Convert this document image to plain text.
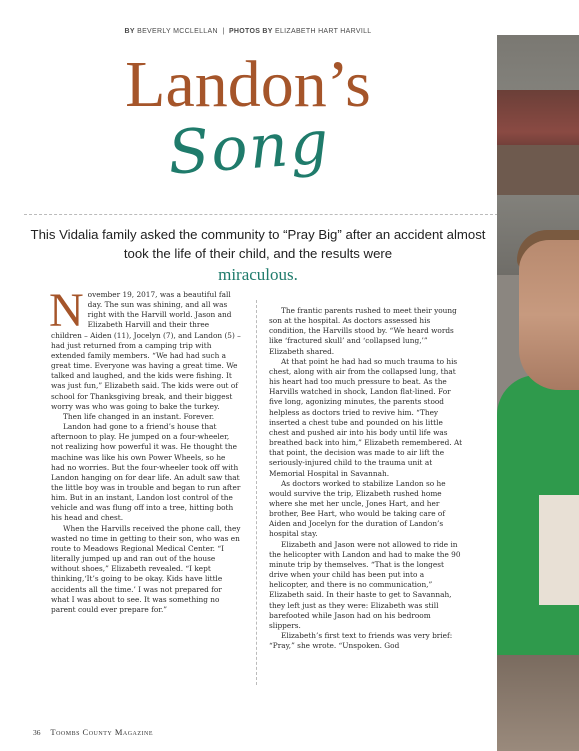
BY BEVERLY MCCLELLAN | PHOTOS BY ELIZABETH HART HARVILL
Landon’s
Song
This Vidalia family asked the community to “Pray Big” after an accident almost took the life of their child, and the results were
miraculous.
N ovember 19, 2017, was a beautiful fall day. The sun was shining, and all was right with the Harvill world. Jason and Elizabeth Harvill and their three children – Aiden (11), Jocelyn (7), and Landon (5) – had just returned from a camping trip with extended family members. “We had had such a great time. Everyone was having a great time. We talked and laughed, and the kids were fishing. It was just fun,” Elizabeth said. The kids were out of school for Thanksgiving break, and their biggest worry was who was going to bake the turkey.

Then life changed in an instant. Forever.

Landon had gone to a friend’s house that afternoon to play. He jumped on a four-wheeler, not realizing how powerful it was. He thought the machine was like his own Power Wheels, so he had no worries. But the four-wheeler took off with Landon hanging on for dear life. An adult saw that the little boy was in trouble and began to run after him. But in an instant, Landon lost control of the vehicle and was flung off into a tree, hitting both his head and chest.

When the Harvills received the phone call, they wasted no time in getting to their son, who was en route to Meadows Regional Medical Center. “I literally jumped up and ran out of the house without shoes,” Elizabeth revealed. “I kept thinking,‘It’s going to be okay. Kids have little accidents all the time.’ I was not prepared for what I was about to see. It was something no parent could ever prepare for.”

The frantic parents rushed to meet their young son at the hospital. As doctors assessed his condition, the Harvills stood by. “We heard words like ‘fractured skull’ and ‘collapsed lung,’” Elizabeth shared.

At that point he had had so much trauma to his chest, along with air from the collapsed lung, that his heart had too much pressure to beat. As the Harvills watched in shock, Landon flat-lined. For five long, agonizing minutes, the parents stood helpless as doctors tried to revive him. “They inserted a chest tube and pounded on his little chest and pushed air into his body until life was breathed back into him,” Elizabeth remembered. At that point, the decision was made to air lift the seriously-injured child to the trauma unit at Memorial Hospital in Savannah.

As doctors worked to stabilize Landon so he would survive the trip, Elizabeth rushed home where she met her uncle, Jones Hart, and her brother, Bee Hart, who would be taking care of Aiden and Jocelyn for the duration of Landon’s hospital stay.

Elizabeth and Jason were not allowed to ride in the helicopter with Landon and had to make the 90 minute trip by themselves. “That is the longest drive when your child has been put into a helicopter, and there is no communication,” Elizabeth said. In their haste to get to Savannah, they left just as they were: Elizabeth was still barefooted while Jason had on his bedroom slippers.

Elizabeth’s first text to friends was very brief: “Pray,” she wrote. “Unspoken. God

36 Toombs County Magazine
